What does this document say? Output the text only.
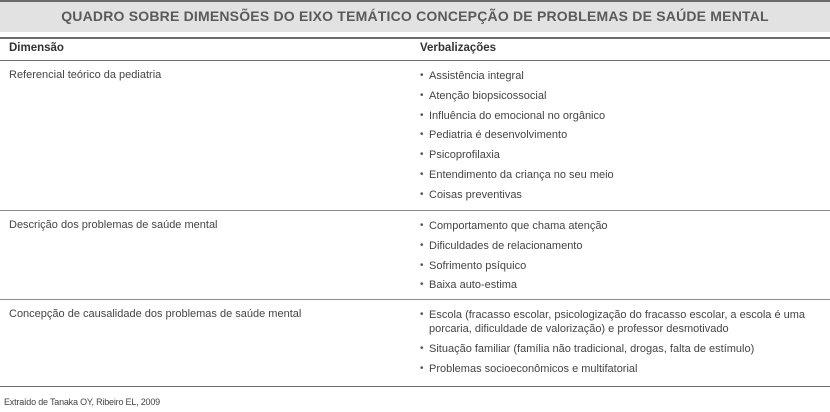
QUADRO SOBRE DIMENSÕES DO EIXO TEMÁTICO CONCEPÇÃO DE PROBLEMAS DE SAÚDE MENTAL
Dimensão	Verbalizações
Referencial teórico da pediatria	• Assistência integral
• Atenção biopsicossocial
• Influência do emocional no orgânico
• Pediatria é desenvolvimento
• Psicoprofilaxia
• Entendimento da criança no seu meio
• Coisas preventivas
Descrição dos problemas de saúde mental	• Comportamento que chama atenção
• Dificuldades de relacionamento
• Sofrimento psíquico
• Baixa auto-estima
Concepção de causalidade dos problemas de saúde mental	• Escola (fracasso escolar, psicologização do fracasso escolar, a escola é uma porcaria, dificuldade de valorização) e professor desmotivado
• Situação familiar (família não tradicional, drogas, falta de estímulo)
• Problemas socioeconômicos e multifatorial
Extraído de Tanaka OY, Ribeiro EL, 2009
